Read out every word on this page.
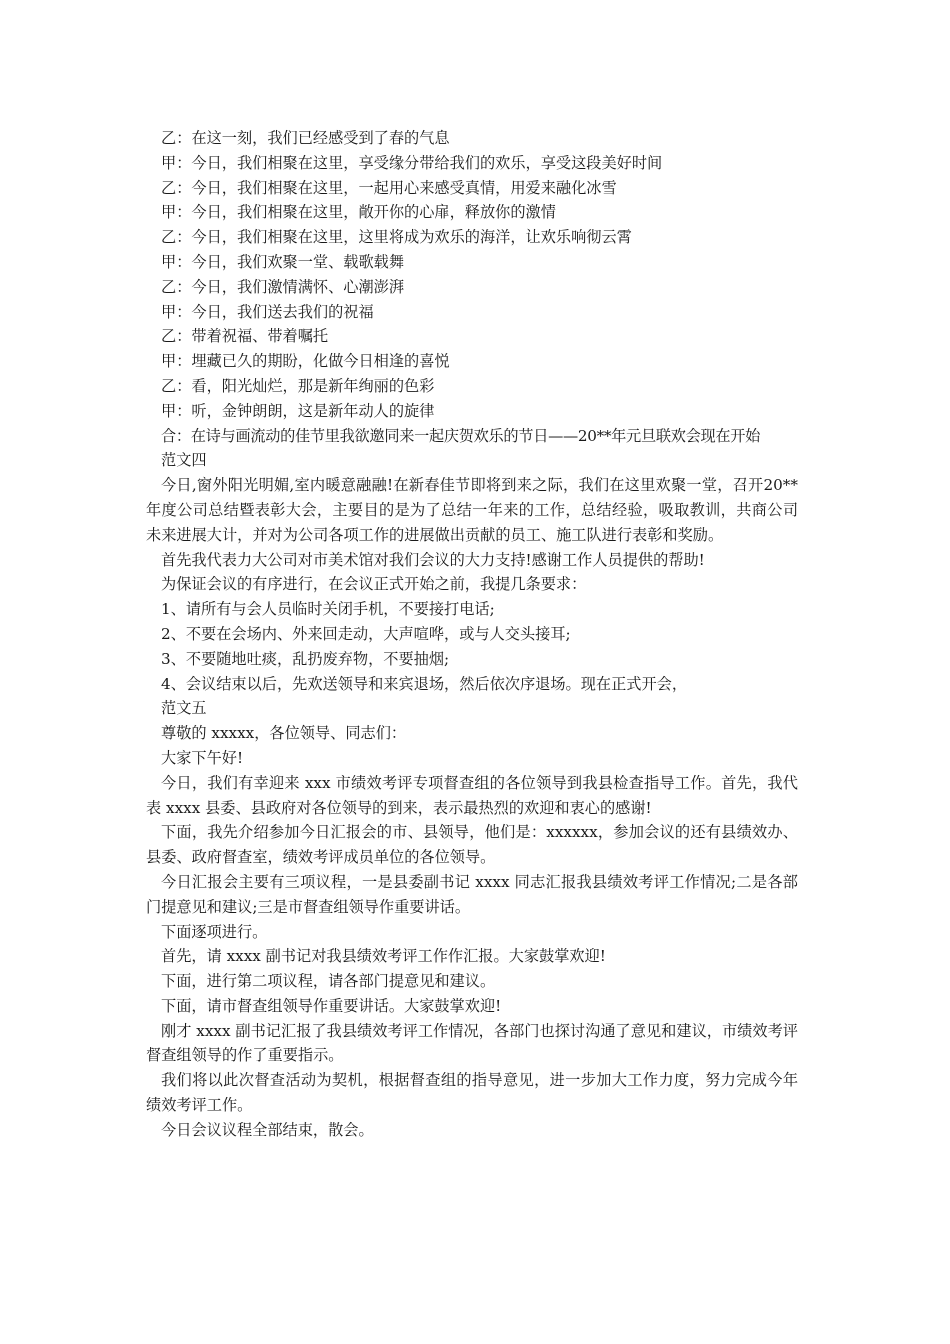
乙：在这一刻，我们已经感受到了春的气息

甲：今日，我们相聚在这里，享受缘分带给我们的欢乐，享受这段美好时间

乙：今日，我们相聚在这里，一起用心来感受真情，用爱来融化冰雪

甲：今日，我们相聚在这里，敞开你的心扉，释放你的激情

乙：今日，我们相聚在这里，这里将成为欢乐的海洋，让欢乐响彻云霄

甲：今日，我们欢聚一堂、载歌载舞

乙：今日，我们激情满怀、心潮澎湃

甲：今日，我们送去我们的祝福

乙：带着祝福、带着嘱托

甲：埋藏已久的期盼，化做今日相逢的喜悦

乙：看，阳光灿烂，那是新年绚丽的色彩

甲：听，金钟朗朗，这是新年动人的旋律

合：在诗与画流动的佳节里我欲邀同来一起庆贺欢乐的节日——20**年元旦联欢会现在开始

范文四

今日,窗外阳光明媚,室内暖意融融!在新春佳节即将到来之际，我们在这里欢聚一堂，召开20**年度公司总结暨表彰大会，主要目的是为了总结一年来的工作，总结经验，吸取教训，共商公司未来进展大计，并对为公司各项工作的进展做出贡献的员工、施工队进行表彰和奖励。

首先我代表力大公司对市美术馆对我们会议的大力支持!感谢工作人员提供的帮助!

为保证会议的有序进行，在会议正式开始之前，我提几条要求：

1、请所有与会人员临时关闭手机，不要接打电话;

2、不要在会场内、外来回走动，大声喧哗，或与人交头接耳;

3、不要随地吐痰，乱扔废弃物，不要抽烟;

4、会议结束以后，先欢送领导和来宾退场，然后依次序退场。现在正式开会，

范文五

尊敬的 xxxxx，各位领导、同志们：

大家下午好!

今日，我们有幸迎来 xxx 市绩效考评专项督查组的各位领导到我县检查指导工作。首先，我代表 xxxx 县委、县政府对各位领导的到来，表示最热烈的欢迎和衷心的感谢!

下面，我先介绍参加今日汇报会的市、县领导，他们是：xxxxxx，参加会议的还有县绩效办、县委、政府督查室，绩效考评成员单位的各位领导。

今日汇报会主要有三项议程，一是县委副书记 xxxx 同志汇报我县绩效考评工作情况;二是各部门提意见和建议;三是市督查组领导作重要讲话。

下面逐项进行。

首先，请 xxxx 副书记对我县绩效考评工作作汇报。大家鼓掌欢迎!

下面，进行第二项议程，请各部门提意见和建议。

下面，请市督查组领导作重要讲话。大家鼓掌欢迎!

刚才 xxxx 副书记汇报了我县绩效考评工作情况，各部门也探讨沟通了意见和建议，市绩效考评督查组领导的作了重要指示。

我们将以此次督查活动为契机，根据督查组的指导意见，进一步加大工作力度，努力完成今年绩效考评工作。

今日会议议程全部结束，散会。
